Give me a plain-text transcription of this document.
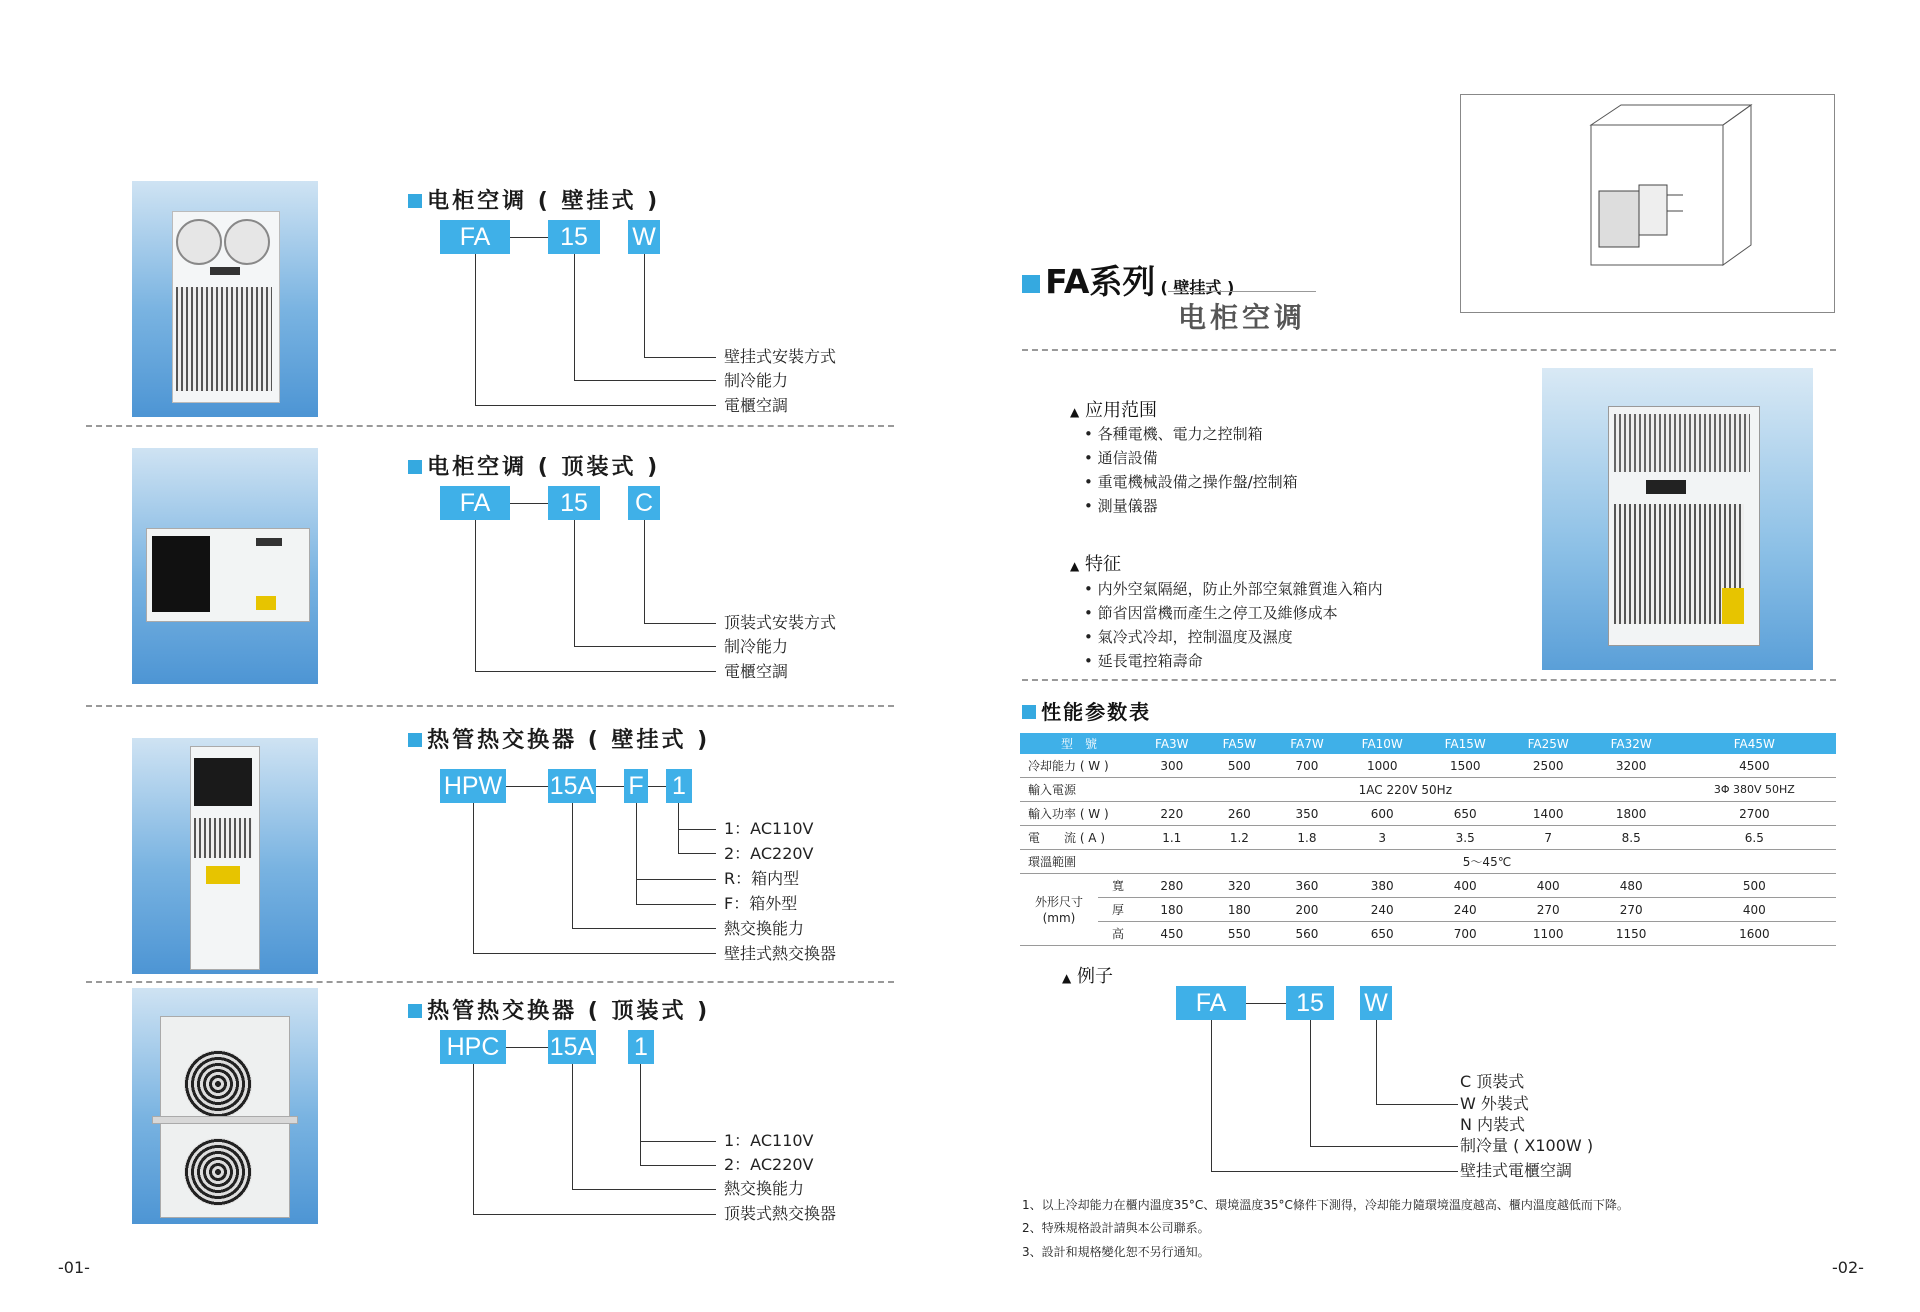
电柜空调 ( 壁挂式 )
FA	15	W
壁挂式安裝方式
制冷能力
電櫃空調
电柜空调 ( 顶装式 )
FA	15	C
顶装式安裝方式
制冷能力
電櫃空調
热管热交换器 ( 壁挂式 )
HPW 15A F 1
1：AC110V
2：AC220V
R：箱内型
F：箱外型
熱交換能力
壁挂式熱交換器
热管热交换器 ( 顶装式 )
HPC 15A 1
1：AC110V
2：AC220V
熱交換能力
顶裝式熱交換器
-01-
FA系列 ( 壁挂式 )
电柜空调
▲ 应用范围
• 各種電機、電力之控制箱
• 通信設備
• 重電機械設備之操作盤/控制箱
• 測量儀器
▲ 特征
• 内外空氣隔絕，防止外部空氣雜質進入箱内
• 節省因當機而產生之停工及維修成本
• 氣冷式冷却，控制溫度及濕度
• 延長電控箱壽命
性能参数表
型　號		FA3W	FA5W	FA7W	FA10W	FA15W	FA25W	FA32W	FA45W
冷却能力 ( W )		300	500	700	1000	1500	2500	3200	4500
輸入電源		1AC 220V 50Hz							3Φ 380V 50HZ
輸入功率 ( W )		220	260	350	600	650	1400	1800	2700
電　　流 ( A )		1.1	1.2	1.8	3	3.5	7	8.5	6.5
環溫範圍		5～45℃							
外形尺寸
(mm)	寬	280	320	360	380	400	400	480	500
	厚	180	180	200	240	240	270	270	400
	高	450	550	560	650	700	1100	1150	1600
▲ 例子
FA	15	W
C 顶裝式
W 外裝式
N 内裝式
制冷量 ( X100W )
壁挂式電櫃空調
1、以上冷却能力在櫃内溫度35°C、環境溫度35°C條件下測得，冷却能力隨環境溫度越高、櫃内溫度越低而下降。
2、特殊規格設計請與本公司聯系。
3、設計和規格變化恕不另行通知。
-02-
